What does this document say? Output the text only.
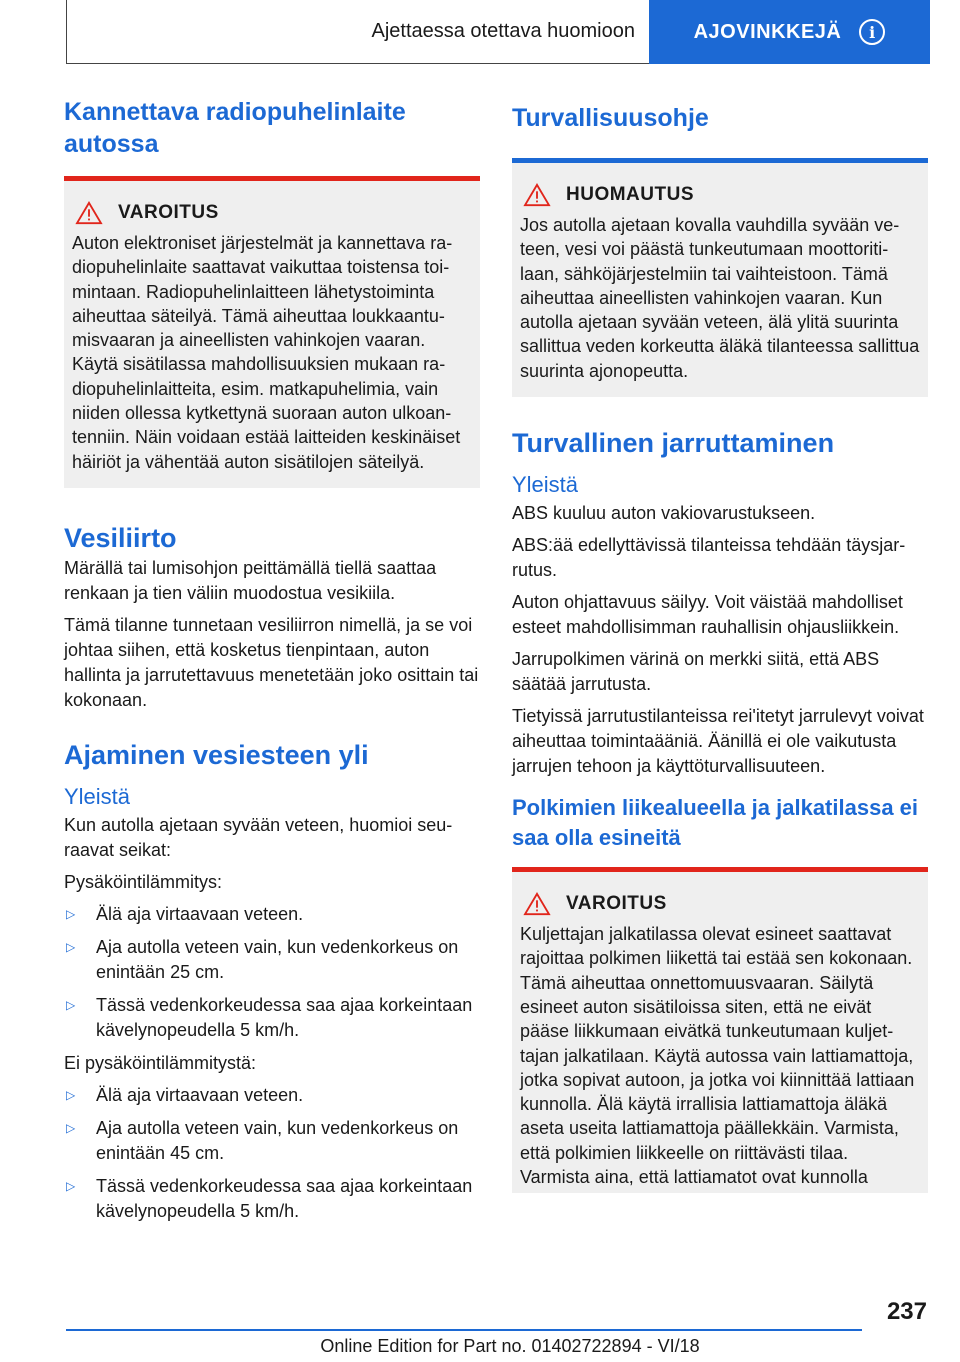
Ajettaessa otettava huomioon	AJOVINKKEJÄ	i
Kannettava radiopuhelinlaite autossa
VAROITUS
Auton elektroniset järjestelmät ja kannettava radiopuhelinlaite saattavat vaikuttaa toistensa toimintaan. Radiopuhelinlaitteen lähetystoiminta aiheuttaa säteilyä. Tämä aiheuttaa loukkaantumisvaaran ja aineellisten vahinkojen vaaran. Käytä sisätilassa mahdollisuuksien mukaan radiopuhelinlaitteita, esim. matkapuhelimia, vain niiden ollessa kytkettynä suoraan auton ulkoantenniin. Näin voidaan estää laitteiden keskinäiset häiriöt ja vähentää auton sisätilojen säteilyä.
Vesiliirto

Märällä tai lumisohjon peittämällä tiellä saattaa renkaan ja tien väliin muodostua vesikiila.

Tämä tilanne tunnetaan vesiliirron nimellä, ja se voi johtaa siihen, että kosketus tienpintaan, auton hallinta ja jarrutettavuus menetetään joko osittain tai kokonaan.

Ajaminen vesiesteen yli
Yleistä

Kun autolla ajetaan syvään veteen, huomioi seuraavat seikat:

Pysäköintilämmitys:

▷	Älä aja virtaavaan veteen.
▷	Aja autolla veteen vain, kun vedenkorkeus on enintään 25 cm.
▷	Tässä vedenkorkeudessa saa ajaa korkeintaan kävelynopeudella 5 km/h.

Ei pysäköintilämmitystä:

▷	Älä aja virtaavaan veteen.
▷	Aja autolla veteen vain, kun vedenkorkeus on enintään 45 cm.
▷	Tässä vedenkorkeudessa saa ajaa korkeintaan kävelynopeudella 5 km/h.
Turvallisuusohje
HUOMAUTUS
Jos autolla ajetaan kovalla vauhdilla syvään veteen, vesi voi päästä tunkeutumaan moottoritilaan, sähköjärjestelmiin tai vaihteistoon. Tämä aiheuttaa aineellisten vahinkojen vaaran. Kun autolla ajetaan syvään veteen, älä ylitä suurinta sallittua veden korkeutta äläkä tilanteessa sallittua suurinta ajonopeutta.
Turvallinen jarruttaminen
Yleistä

ABS kuuluu auton vakiovarustukseen.

ABS:ää edellyttävissä tilanteissa tehdään täysjarrutus.

Auton ohjattavuus säilyy. Voit väistää mahdolliset esteet mahdollisimman rauhallisin ohjausliikkein.

Jarrupolkimen värinä on merkki siitä, että ABS säätää jarrutusta.

Tietyissä jarrutustilanteissa rei'itetyt jarrulevyt voivat aiheuttaa toimintaääniä. Äänillä ei ole vaikutusta jarrujen tehoon ja käyttöturvallisuuteen.

Polkimien liikealueella ja jalkatilassa ei saa olla esineitä
VAROITUS
Kuljettajan jalkatilassa olevat esineet saattavat rajoittaa polkimen liikettä tai estää sen kokonaan. Tämä aiheuttaa onnettomuusvaaran. Säilytä esineet auton sisätiloissa siten, että ne eivät pääse liikkumaan eivätkä tunkeutumaan kuljettajan jalkatilaan. Käytä autossa vain lattiamattoja, jotka sopivat autoon, ja jotka voi kiinnittää lattiaan kunnolla. Älä käytä irrallisia lattiamattoja äläkä aseta useita lattiamattoja päällekkäin. Varmista, että polkimien liikkeelle on riittävästi tilaa. Varmista aina, että lattiamatot ovat kunnolla
237
Online Edition for Part no. 01402722894 - VI/18
